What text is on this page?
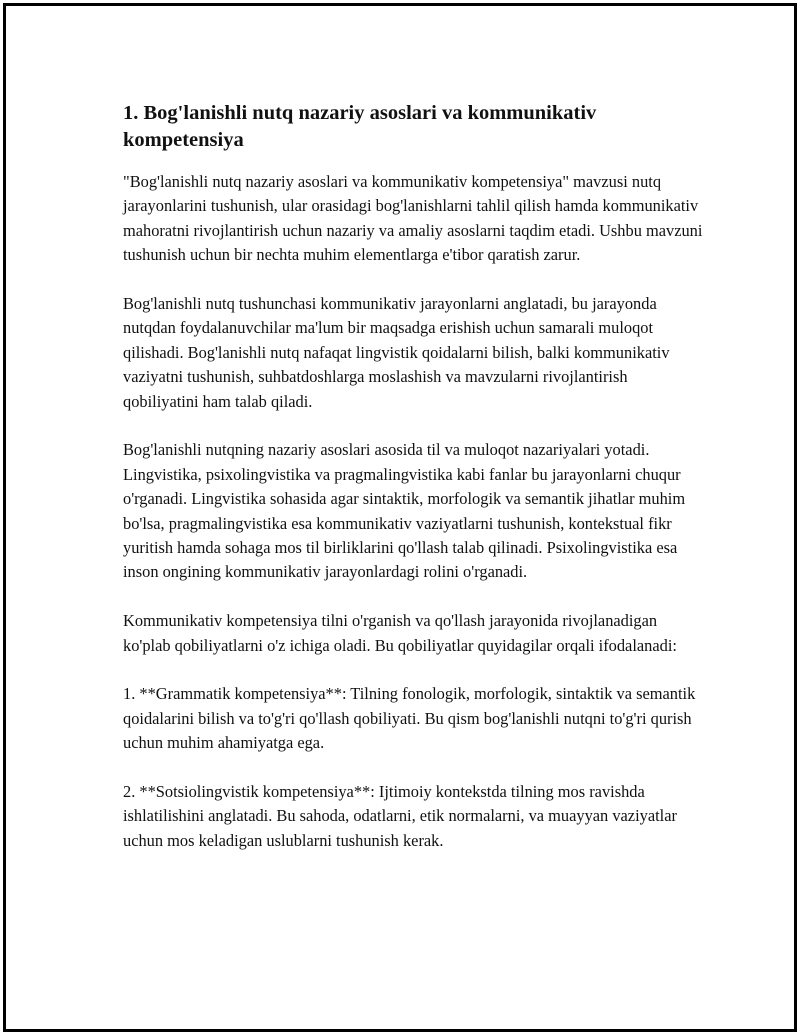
1. Bog'lanishli nutq nazariy asoslari va kommunikativ kompetensiya

"Bog'lanishli nutq nazariy asoslari va kommunikativ kompetensiya" mavzusi nutq jarayonlarini tushunish, ular orasidagi bog'lanishlarni tahlil qilish hamda kommunikativ mahoratni rivojlantirish uchun nazariy va amaliy asoslarni taqdim etadi. Ushbu mavzuni tushunish uchun bir nechta muhim elementlarga e'tibor qaratish zarur.

Bog'lanishli nutq tushunchasi kommunikativ jarayonlarni anglatadi, bu jarayonda nutqdan foydalanuvchilar ma'lum bir maqsadga erishish uchun samarali muloqot qilishadi. Bog'lanishli nutq nafaqat lingvistik qoidalarni bilish, balki kommunikativ vaziyatni tushunish, suhbatdoshlarga moslashish va mavzularni rivojlantirish qobiliyatini ham talab qiladi.

Bog'lanishli nutqning nazariy asoslari asosida til va muloqot nazariyalari yotadi. Lingvistika, psixolingvistika va pragmalingvistika kabi fanlar bu jarayonlarni chuqur o'rganadi. Lingvistika sohasida agar sintaktik, morfologik va semantik jihatlar muhim bo'lsa, pragmalingvistika esa kommunikativ vaziyatlarni tushunish, kontekstual fikr yuritish hamda sohaga mos til birliklarini qo'llash talab qilinadi. Psixolingvistika esa inson ongining kommunikativ jarayonlardagi rolini o'rganadi.

Kommunikativ kompetensiya tilni o'rganish va qo'llash jarayonida rivojlanadigan ko'plab qobiliyatlarni o'z ichiga oladi. Bu qobiliyatlar quyidagilar orqali ifodalanadi:

1. **Grammatik kompetensiya**: Tilning fonologik, morfologik, sintaktik va semantik qoidalarini bilish va to'g'ri qo'llash qobiliyati. Bu qism bog'lanishli nutqni to'g'ri qurish uchun muhim ahamiyatga ega.

2. **Sotsiolingvistik kompetensiya**: Ijtimoiy kontekstda tilning mos ravishda ishlatilishini anglatadi. Bu sahoda, odatlarni, etik normalarni, va muayyan vaziyatlar uchun mos keladigan uslublarni tushunish kerak.
